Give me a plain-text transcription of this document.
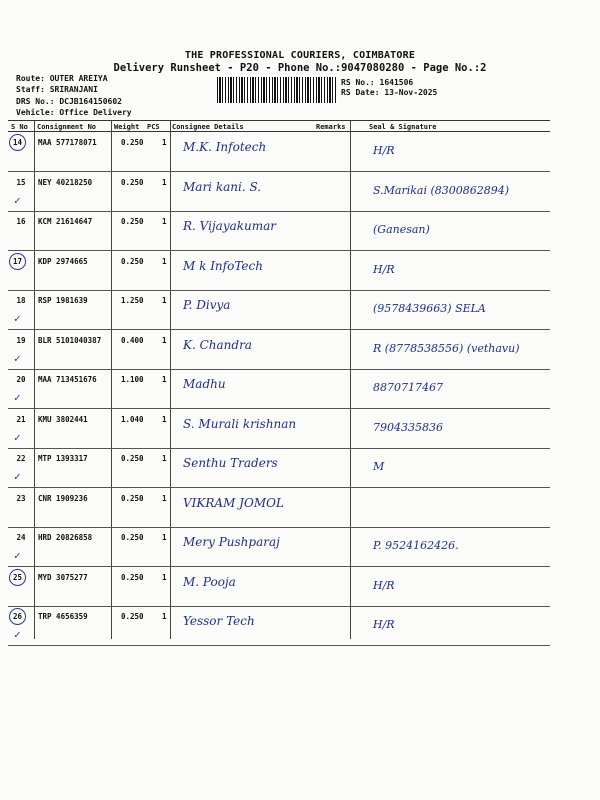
THE PROFESSIONAL COURIERS, COIMBATORE
Delivery Runsheet - P20 - Phone No.:9047080280 - Page No.:2
Route: OUTER AREIYA
Staff: SRIRANJANI
DRS No.: DCJB164150602
Vehicle: Office Delivery
RS No.: 1641506
RS Date: 13-Nov-2025
S No Consignment No	Weight PCS Consignee Details	Remarks	Seal & Signature
14	MAA 577178071	0.250 1 M.K. Infotech	H/R
15	NEY 40218250	0.250 1 Mari kani. S.	S.Marikai (8300862894)
✓
16	KCM 21614647	0.250 1 R. Vijayakumar	(Ganesan)
17	KDP 2974665	0.250 1 M k InfoTech	H/R
18	RSP 1981639	1.250 1 P. Divya	(9578439663) SELA
✓
19	BLR 5101040387	0.400 1 K. Chandra	R (8778538556) (vethavu)
✓
20	MAA 713451676	1.100 1 Madhu	8870717467
✓
21	KMU 3802441	1.040 1 S. Murali krishnan	7904335836
✓
22	MTP 1393317	0.250 1 Senthu Traders	M
✓
23	CNR 1909236	0.250 1 VIKRAM JOMOL
24	HRD 20826858	0.250 1 Mery Pushparaj	P. 9524162426.
✓
25	MYD 3075277	0.250 1 M. Pooja	H/R
26	TRP 4656359	0.250 1 Yessor Tech	H/R
✓
